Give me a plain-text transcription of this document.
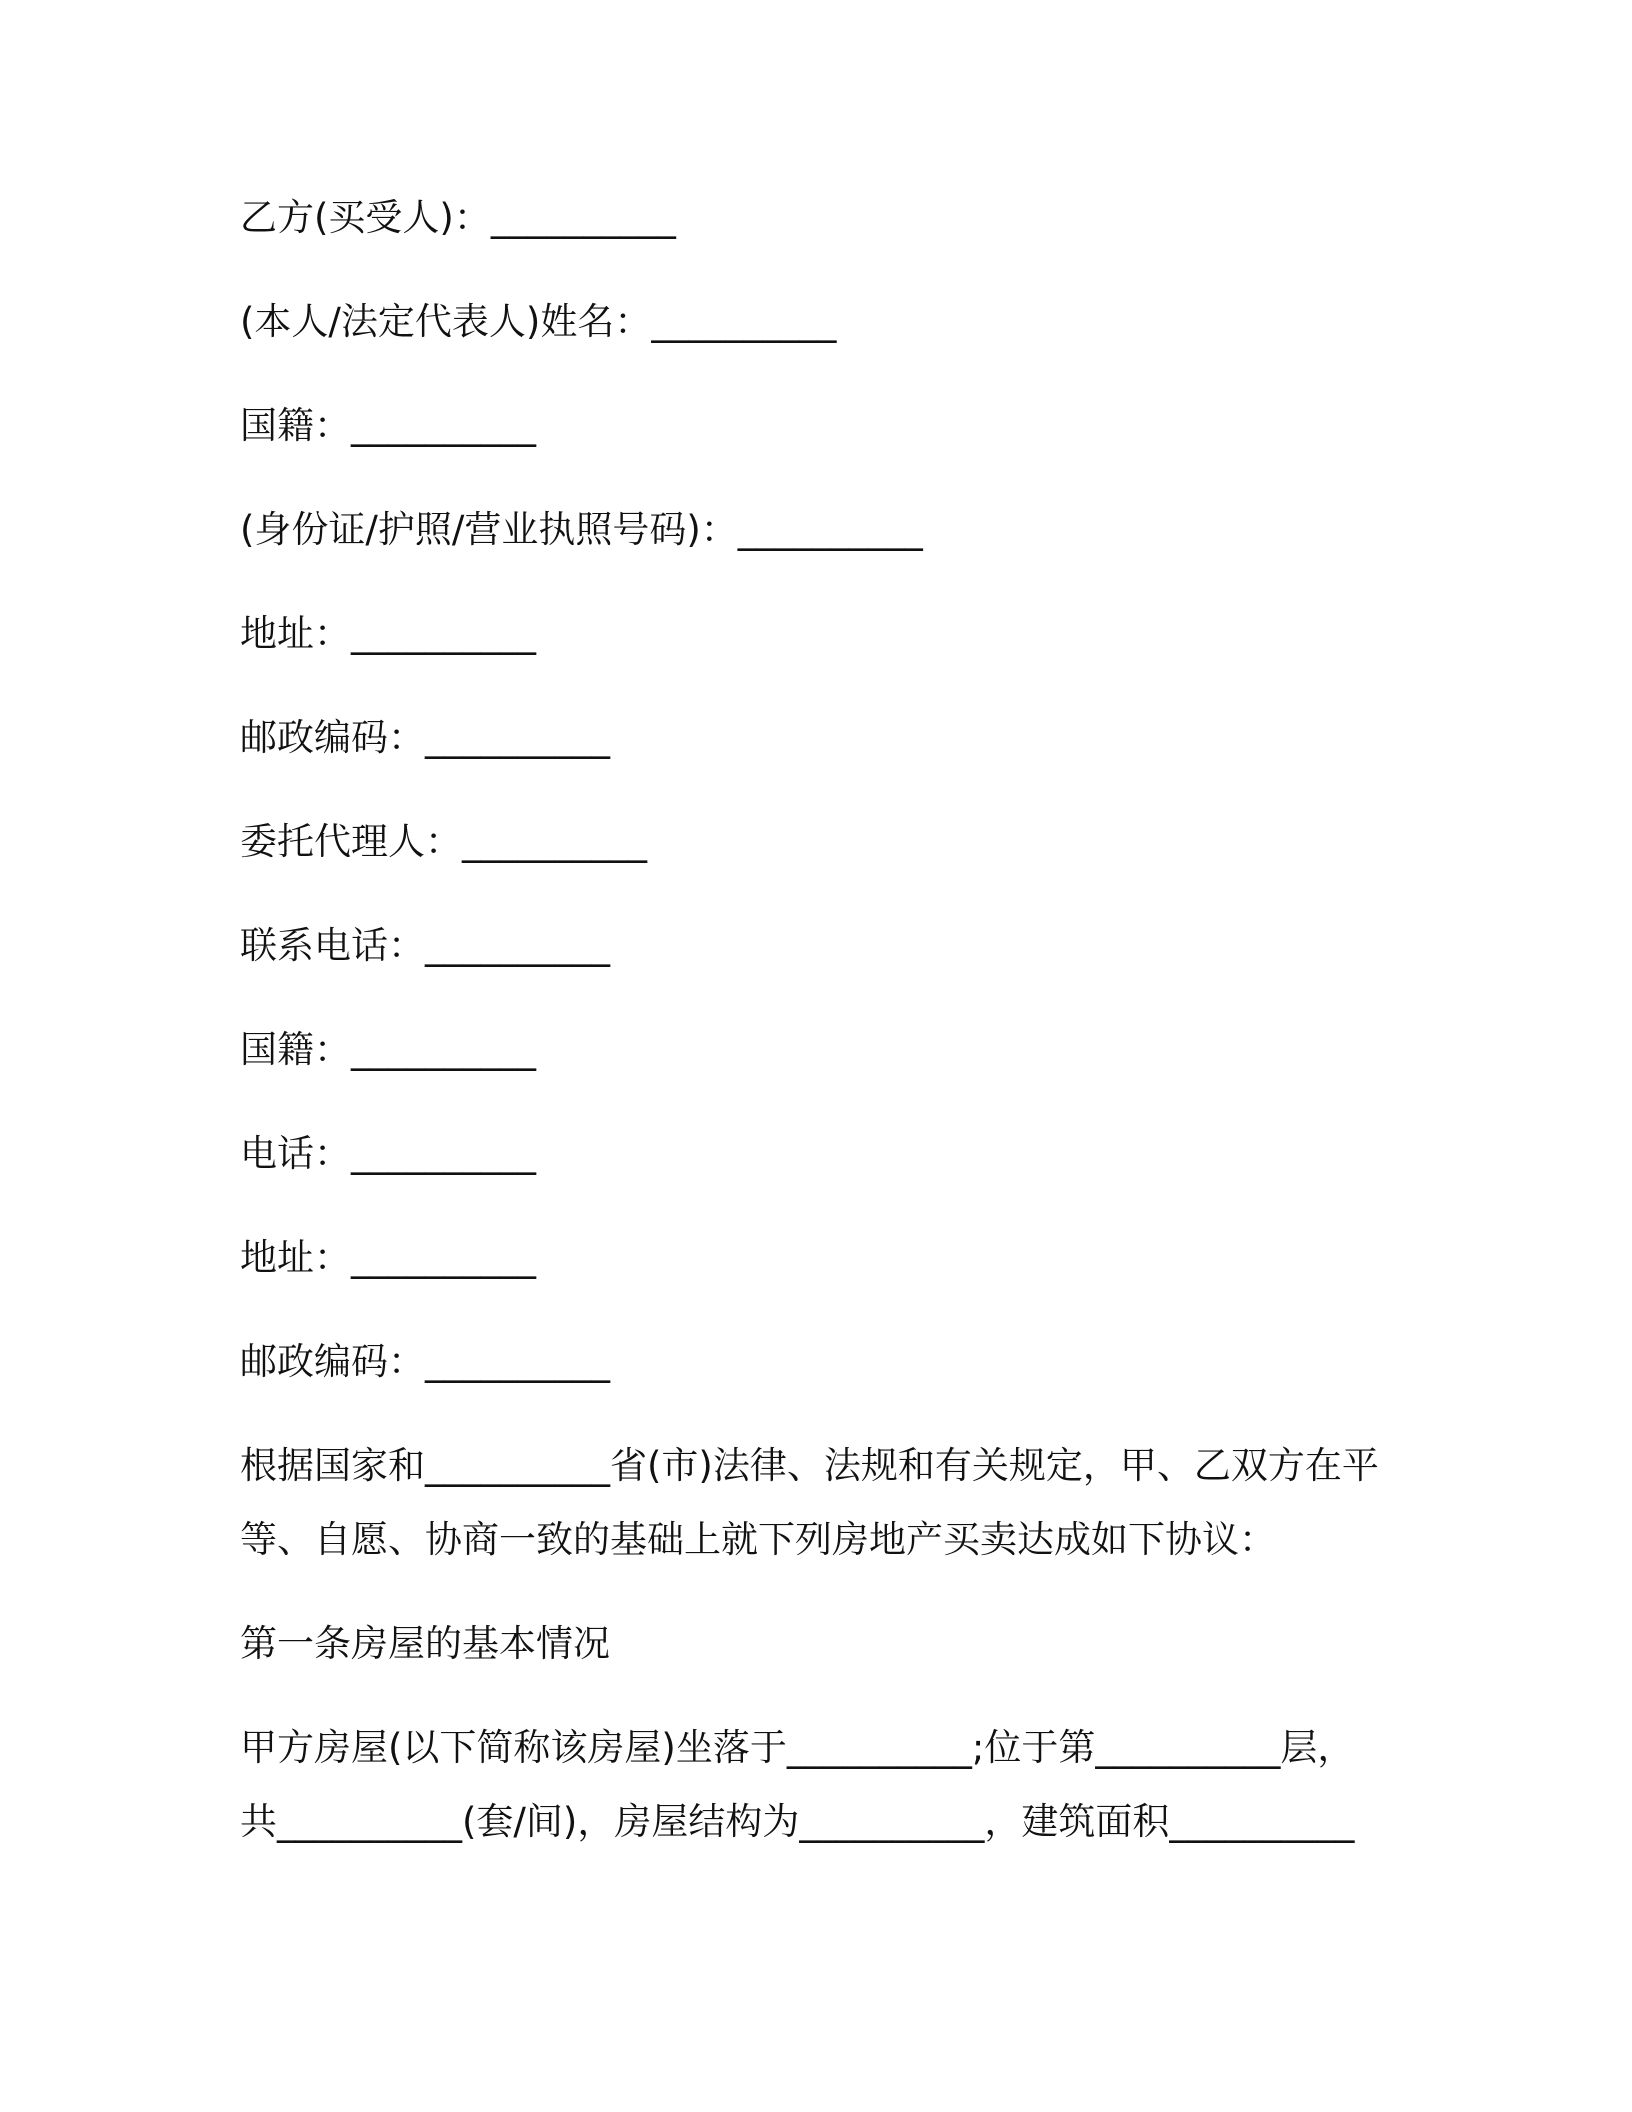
乙方(买受人)：__________
(本人/法定代表人)姓名：__________
国籍：__________
(身份证/护照/营业执照号码)：__________
地址：__________
邮政编码：__________
委托代理人：__________
联系电话：__________
国籍：__________
电话：__________
地址：__________
邮政编码：__________
根据国家和__________省(市)法律、法规和有关规定，甲、乙双方在平
等、自愿、协商一致的基础上就下列房地产买卖达成如下协议：
第一条房屋的基本情况
甲方房屋(以下简称该房屋)坐落于__________;位于第__________层，
共__________(套/间)，房屋结构为__________，建筑面积__________
